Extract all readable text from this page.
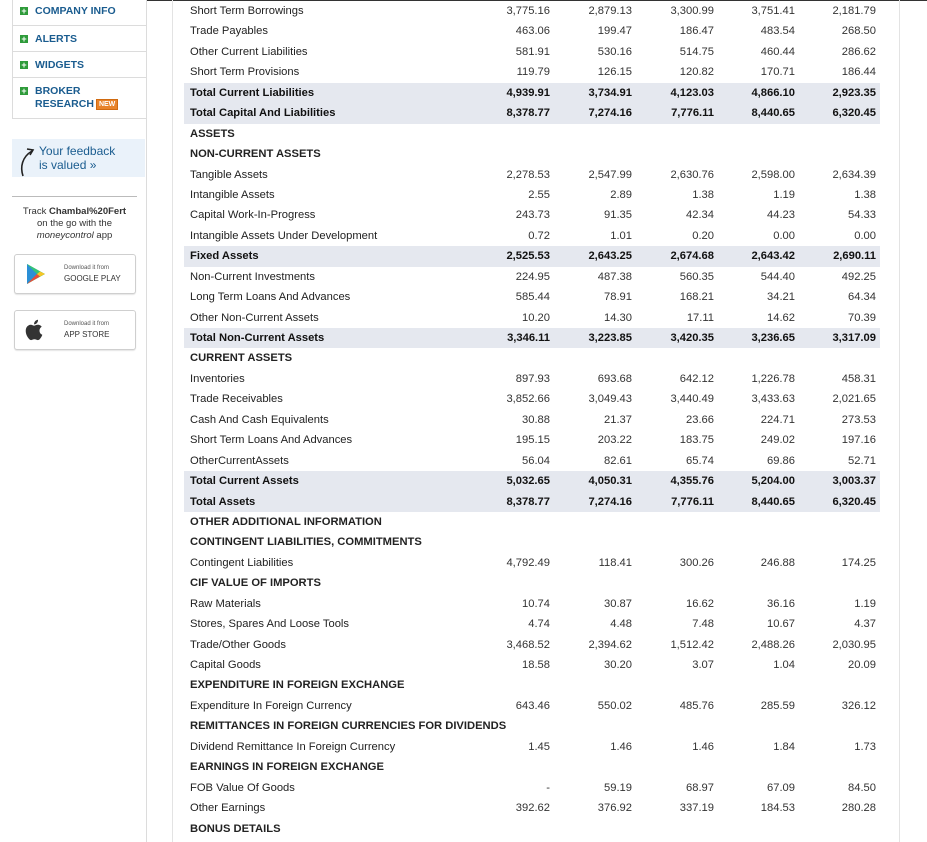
+ COMPANY INFO
+ ALERTS
+ WIDGETS
+ BROKER
RESEARCH NEW
Your feedback
is valued »
Track Chambal%20Fert
on the go with the
moneycontrol app
Download it from
GOOGLE PLAY
Download it from
APP STORE
Short Term Borrowings	3,775.16	2,879.13	3,300.99	3,751.41	2,181.79
Trade Payables	463.06	199.47	186.47	483.54	268.50
Other Current Liabilities	581.91	530.16	514.75	460.44	286.62
Short Term Provisions	119.79	126.15	120.82	170.71	186.44
Total Current Liabilities	4,939.91	3,734.91	4,123.03	4,866.10	2,923.35
Total Capital And Liabilities	8,378.77	7,274.16	7,776.11	8,440.65	6,320.45
ASSETS
NON-CURRENT ASSETS
Tangible Assets	2,278.53	2,547.99	2,630.76	2,598.00	2,634.39
Intangible Assets	2.55	2.89	1.38	1.19	1.38
Capital Work-In-Progress	243.73	91.35	42.34	44.23	54.33
Intangible Assets Under Development	0.72	1.01	0.20	0.00	0.00
Fixed Assets	2,525.53	2,643.25	2,674.68	2,643.42	2,690.11
Non-Current Investments	224.95	487.38	560.35	544.40	492.25
Long Term Loans And Advances	585.44	78.91	168.21	34.21	64.34
Other Non-Current Assets	10.20	14.30	17.11	14.62	70.39
Total Non-Current Assets	3,346.11	3,223.85	3,420.35	3,236.65	3,317.09
CURRENT ASSETS
Inventories	897.93	693.68	642.12	1,226.78	458.31
Trade Receivables	3,852.66	3,049.43	3,440.49	3,433.63	2,021.65
Cash And Cash Equivalents	30.88	21.37	23.66	224.71	273.53
Short Term Loans And Advances	195.15	203.22	183.75	249.02	197.16
OtherCurrentAssets	56.04	82.61	65.74	69.86	52.71
Total Current Assets	5,032.65	4,050.31	4,355.76	5,204.00	3,003.37
Total Assets	8,378.77	7,274.16	7,776.11	8,440.65	6,320.45
OTHER ADDITIONAL INFORMATION
CONTINGENT LIABILITIES, COMMITMENTS
Contingent Liabilities	4,792.49	118.41	300.26	246.88	174.25
CIF VALUE OF IMPORTS
Raw Materials	10.74	30.87	16.62	36.16	1.19
Stores, Spares And Loose Tools	4.74	4.48	7.48	10.67	4.37
Trade/Other Goods	3,468.52	2,394.62	1,512.42	2,488.26	2,030.95
Capital Goods	18.58	30.20	3.07	1.04	20.09
EXPENDITURE IN FOREIGN EXCHANGE
Expenditure In Foreign Currency	643.46	550.02	485.76	285.59	326.12
REMITTANCES IN FOREIGN CURRENCIES FOR DIVIDENDS
Dividend Remittance In Foreign Currency	1.45	1.46	1.46	1.84	1.73
EARNINGS IN FOREIGN EXCHANGE
FOB Value Of Goods	-	59.19	68.97	67.09	84.50
Other Earnings	392.62	376.92	337.19	184.53	280.28
BONUS DETAILS
